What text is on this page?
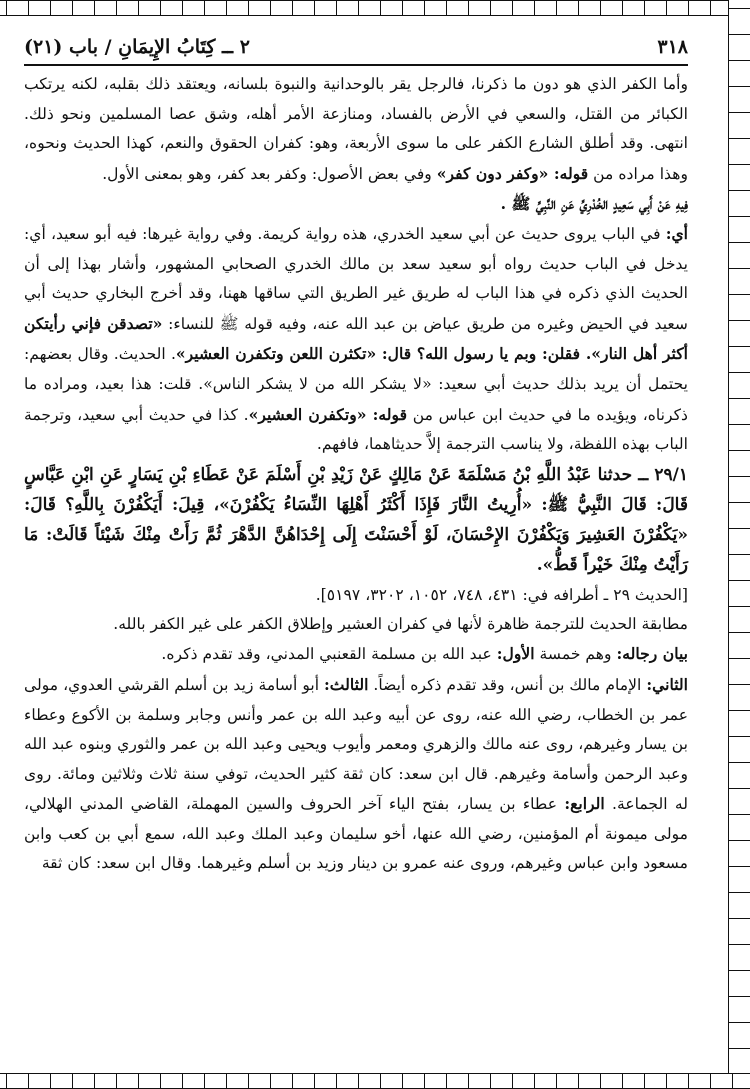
٣١٨
٢ ــ كِتَابُ الإِيمَانِ / باب (٢١)

وأما الكفر الذي هو دون ما ذكرنا، فالرجل يقر بالوحدانية والنبوة بلسانه، ويعتقد ذلك بقلبه، لكنه يرتكب الكبائر من القتل، والسعي في الأرض بالفساد، ومنازعة الأمر أهله، وشق عصا المسلمين ونحو ذلك. انتهى. وقد أطلق الشارع الكفر على ما سوى الأربعة، وهو: كفران الحقوق والنعم، كهذا الحديث ونحوه، وهذا مراده من قوله: «وكفر دون كفر» وفي بعض الأصول: وكفر بعد كفر، وهو بمعنى الأول.

فِيهِ عَنْ أَبِي سَعِيدٍ الخُدْرِيِّ عَنِ النَّبِيِّ ﷺ .

أي: في الباب يروى حديث عن أبي سعيد الخدري، هذه رواية كريمة. وفي رواية غيرها: فيه أبو سعيد، أي: يدخل في الباب حديث رواه أبو سعيد سعد بن مالك الخدري الصحابي المشهور، وأشار بهذا إلى أن الحديث الذي ذكره في هذا الباب له طريق غير الطريق التي ساقها ههنا، وقد أخرج البخاري حديث أبي سعيد في الحيض وغيره من طريق عياض بن عبد الله عنه، وفيه قوله ﷺ للنساء: «تصدقن فإني رأيتكن أكثر أهل النار». فقلن: وبم يا رسول الله؟ قال: «تكثرن اللعن وتكفرن العشير». الحديث. وقال بعضهم: يحتمل أن يريد بذلك حديث أبي سعيد: «لا يشكر الله من لا يشكر الناس». قلت: هذا بعيد، ومراده ما ذكرناه، ويؤيده ما في حديث ابن عباس من قوله: «وتكفرن العشير». كذا في حديث أبي سعيد، وترجمة الباب بهذه اللفظة، ولا يناسب الترجمة إلاَّ حديثاهما، فافهم.

٢٩/١ ــ حدثنا عَبْدُ اللَّهِ بْنُ مَسْلَمَةَ عَنْ مَالِكٍ عَنْ زَيْدِ بْنِ أَسْلَمَ عَنْ عَطَاءِ بْنِ يَسَارٍ عَنِ ابْنِ عَبَّاسٍ قَالَ: قَالَ النَّبِيُّ ﷺ: «أُرِيتُ النَّارَ فَإِذَا أَكْثَرُ أَهْلِهَا النِّسَاءُ يَكْفُرْنَ»، قِيلَ: أَيَكْفُرْنَ بِاللَّهِ؟ قَالَ: «يَكْفُرْنَ العَشِيرَ وَيَكْفُرْنَ الإِحْسَانَ، لَوْ أَحْسَنْتَ إِلَى إِحْدَاهُنَّ الدَّهْرَ ثُمَّ رَأَتْ مِنْكَ شَيْئاً قَالَتْ: مَا رَأَيْتُ مِنْكَ خَيْراً قَطُّ».

[الحديث ٢٩ ـ أطرافه في: ٤٣١، ٧٤٨، ١٠٥٢، ٣٢٠٢، ٥١٩٧].

مطابقة الحديث للترجمة ظاهرة لأنها في كفران العشير وإطلاق الكفر على غير الكفر بالله.

بيان رجاله: وهم خمسة الأول: عبد الله بن مسلمة القعنبي المدني، وقد تقدم ذكره.

الثاني: الإمام مالك بن أنس، وقد تقدم ذكره أيضاً. الثالث: أبو أسامة زيد بن أسلم القرشي العدوي، مولى عمر بن الخطاب، رضي الله عنه، روى عن أبيه وعبد الله بن عمر وأنس وجابر وسلمة بن الأكوع وعطاء بن يسار وغيرهم، روى عنه مالك والزهري ومعمر وأيوب ويحيى وعبد الله بن عمر والثوري وبنوه عبد الله وعبد الرحمن وأسامة وغيرهم. قال ابن سعد: كان ثقة كثير الحديث، توفي سنة ثلاث وثلاثين ومائة. روى له الجماعة. الرابع: عطاء بن يسار، بفتح الياء آخر الحروف والسين المهملة، القاضي المدني الهلالي، مولى ميمونة أم المؤمنين، رضي الله عنها، أخو سليمان وعبد الملك وعبد الله، سمع أبي بن كعب وابن مسعود وابن عباس وغيرهم، وروى عنه عمرو بن دينار وزيد بن أسلم وغيرهما. وقال ابن سعد: كان ثقة
